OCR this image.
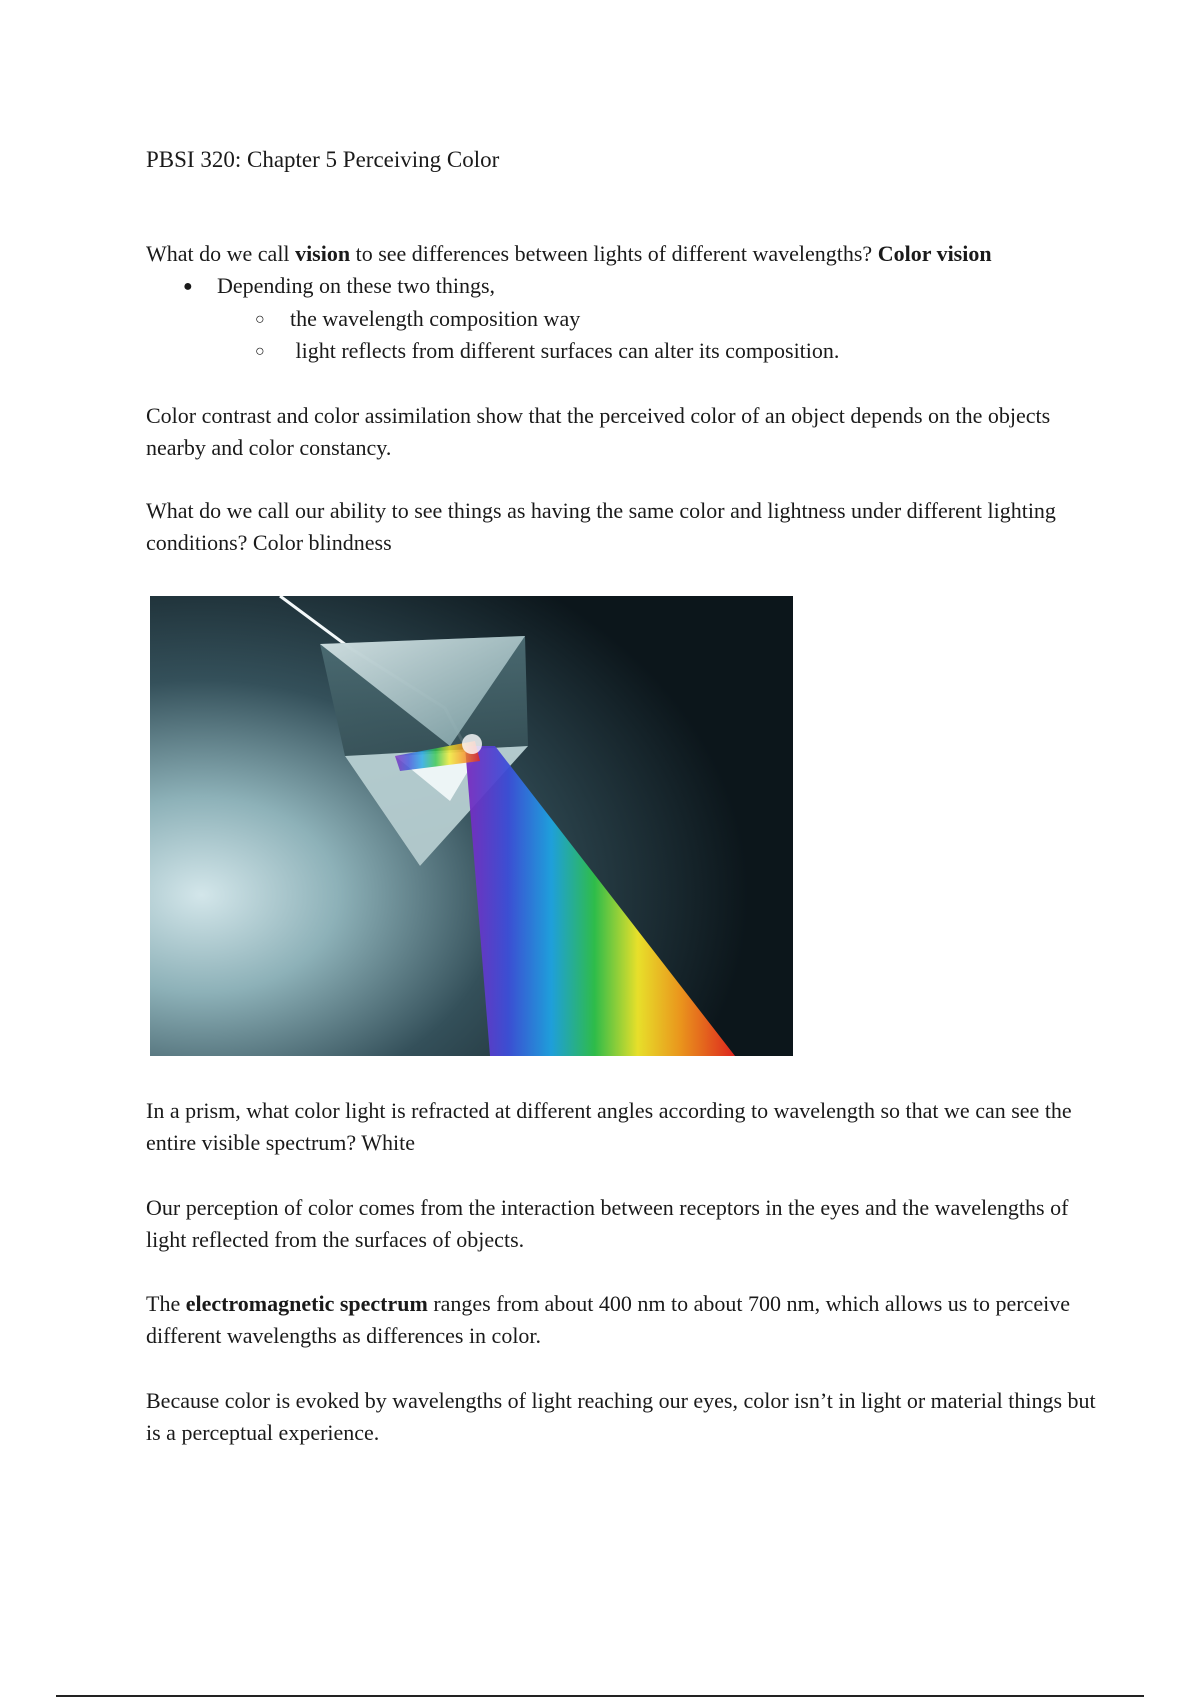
PBSI 320: Chapter 5 Perceiving Color
What do we call vision to see differences between lights of different wavelengths? Color vision
● Depending on these two things,
○ the wavelength composition way
○ light reflects from different surfaces can alter its composition.
Color contrast and color assimilation show that the perceived color of an object depends on the objects nearby and color constancy.
What do we call our ability to see things as having the same color and lightness under different lighting conditions? Color blindness
In a prism, what color light is refracted at different angles according to wavelength so that we can see the entire visible spectrum? White
Our perception of color comes from the interaction between receptors in the eyes and the wavelengths of light reflected from the surfaces of objects.
The electromagnetic spectrum ranges from about 400 nm to about 700 nm, which allows us to perceive different wavelengths as differences in color.
Because color is evoked by wavelengths of light reaching our eyes, color isn’t in light or material things but is a perceptual experience.
